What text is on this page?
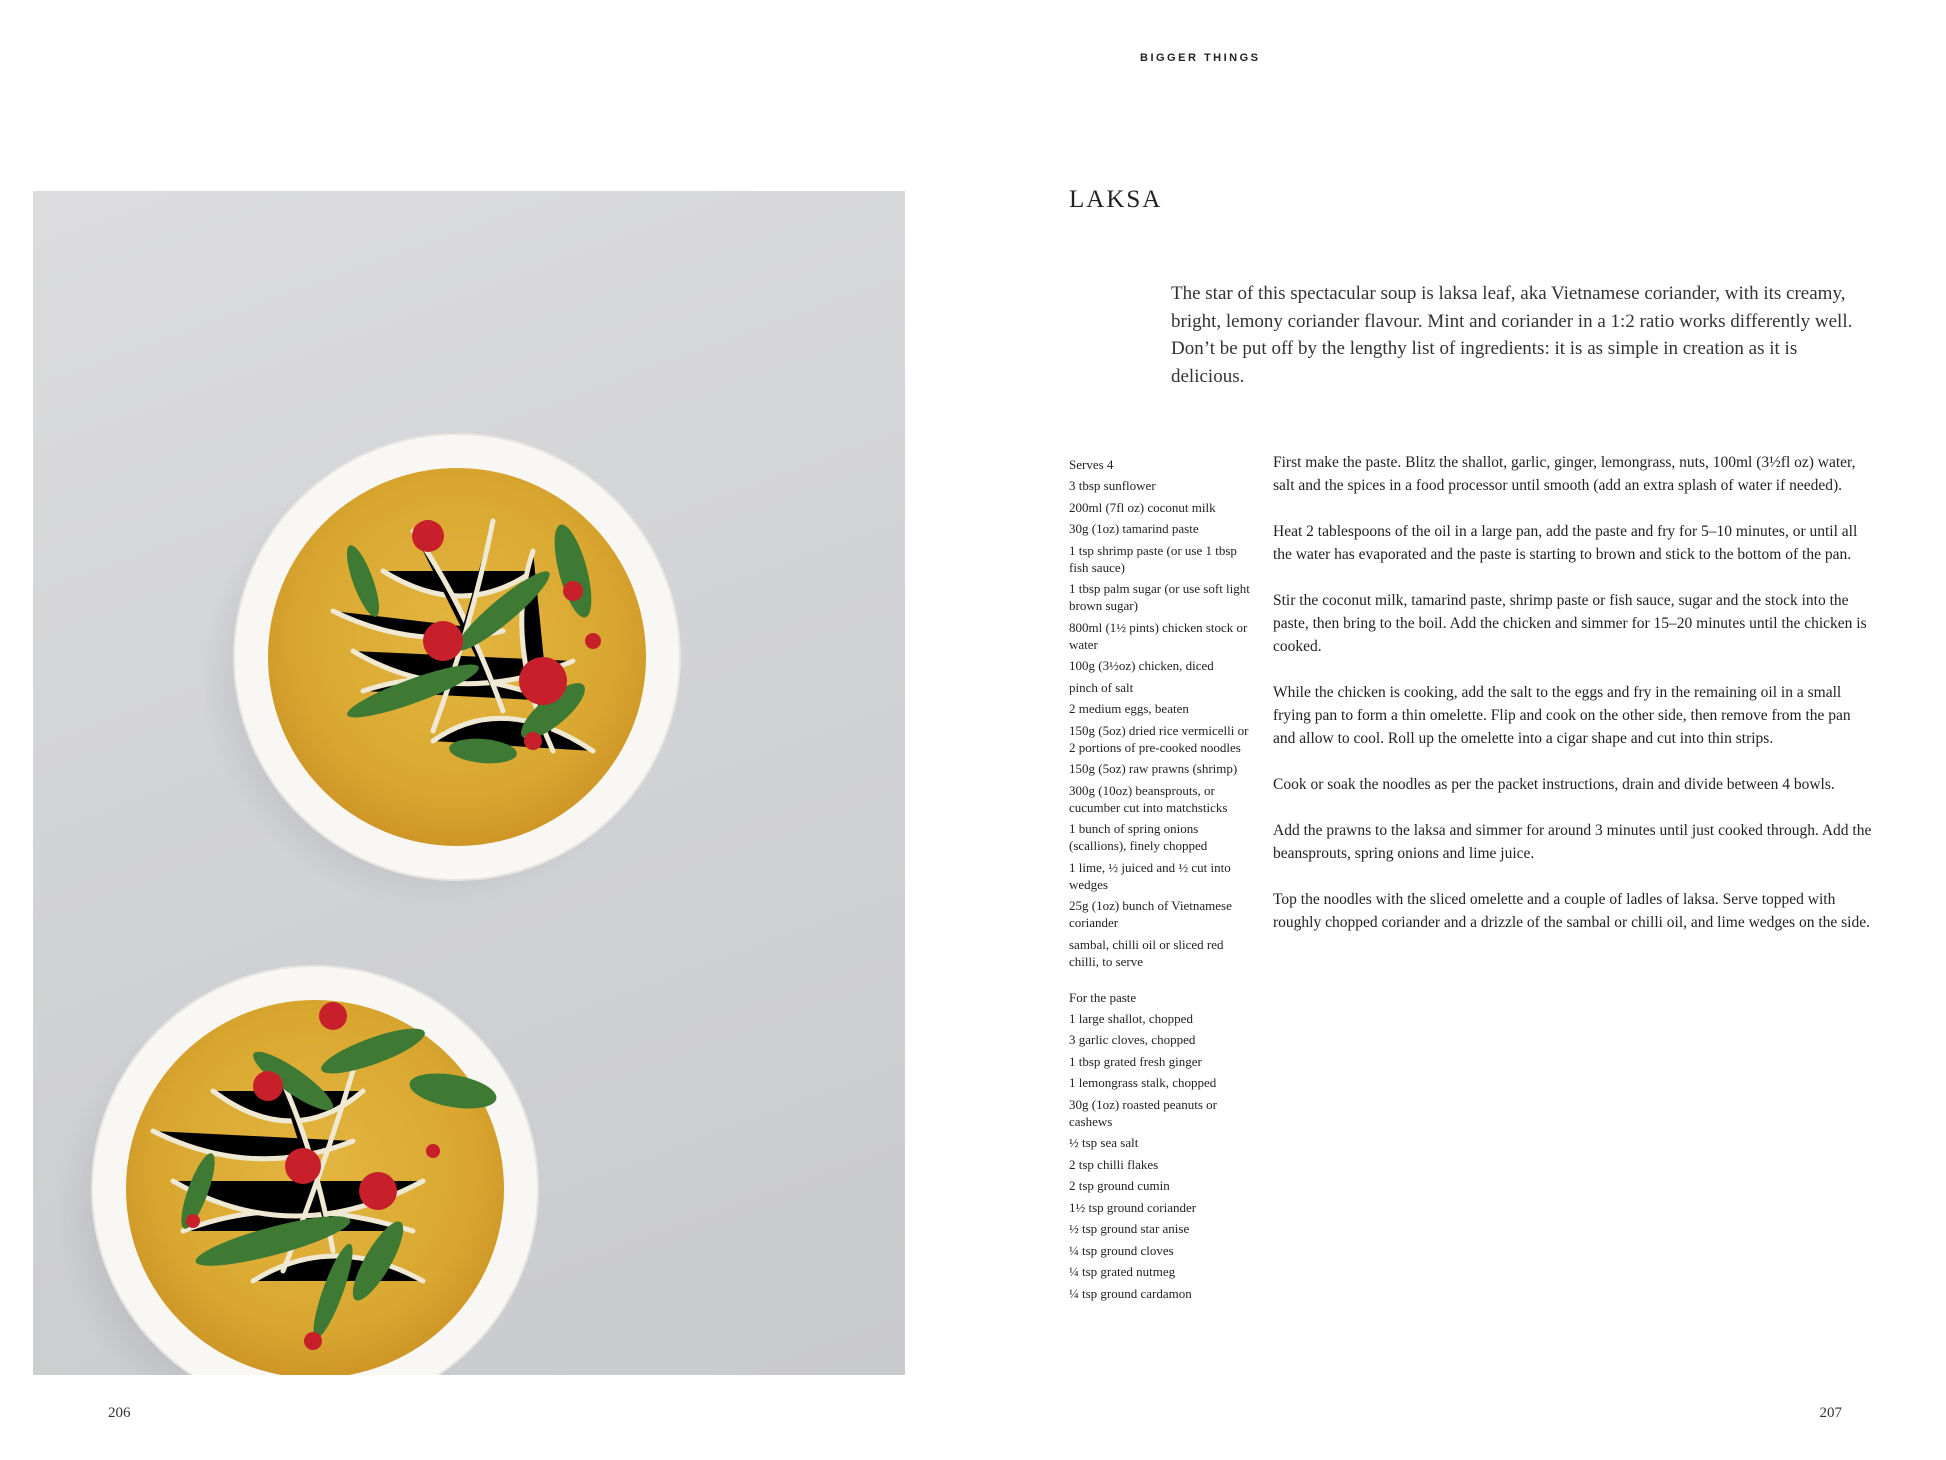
206
BIGGER THINGS
LAKSA

The star of this spectacular soup is laksa leaf, aka Vietnamese coriander, with its creamy, bright, lemony coriander flavour. Mint and coriander in a 1:2 ratio works differently well. Don’t be put off by the lengthy list of ingredients: it is as simple in creation as it is delicious.

Serves 4
3 tbsp sunflower
200ml (7fl oz) coconut milk
30g (1oz) tamarind paste
1 tsp shrimp paste (or use 1 tbsp fish sauce)
1 tbsp palm sugar (or use soft light brown sugar)
800ml (1½ pints) chicken stock or water
100g (3½oz) chicken, diced
pinch of salt
2 medium eggs, beaten
150g (5oz) dried rice vermicelli or 2 portions of pre-cooked noodles
150g (5oz) raw prawns (shrimp)
300g (10oz) beansprouts, or cucumber cut into matchsticks
1 bunch of spring onions (scallions), finely chopped
1 lime, ½ juiced and ½ cut into wedges
25g (1oz) bunch of Vietnamese coriander
sambal, chilli oil or sliced red chilli, to serve
For the paste
1 large shallot, chopped
3 garlic cloves, chopped
1 tbsp grated fresh ginger
1 lemongrass stalk, chopped
30g (1oz) roasted peanuts or cashews
½ tsp sea salt
2 tsp chilli flakes
2 tsp ground cumin
1½ tsp ground coriander
½ tsp ground star anise
¼ tsp ground cloves
¼ tsp grated nutmeg
¼ tsp ground cardamon

First make the paste. Blitz the shallot, garlic, ginger, lemongrass, nuts, 100ml (3½fl oz) water, salt and the spices in a food processor until smooth (add an extra splash of water if needed).

Heat 2 tablespoons of the oil in a large pan, add the paste and fry for 5–10 minutes, or until all the water has evaporated and the paste is starting to brown and stick to the bottom of the pan.

Stir the coconut milk, tamarind paste, shrimp paste or fish sauce, sugar and the stock into the paste, then bring to the boil. Add the chicken and simmer for 15–20 minutes until the chicken is cooked.

While the chicken is cooking, add the salt to the eggs and fry in the remaining oil in a small frying pan to form a thin omelette. Flip and cook on the other side, then remove from the pan and allow to cool. Roll up the omelette into a cigar shape and cut into thin strips.

Cook or soak the noodles as per the packet instructions, drain and divide between 4 bowls.

Add the prawns to the laksa and simmer for around 3 minutes until just cooked through. Add the beansprouts, spring onions and lime juice.

Top the noodles with the sliced omelette and a couple of ladles of laksa. Serve topped with roughly chopped coriander and a drizzle of the sambal or chilli oil, and lime wedges on the side.

207
